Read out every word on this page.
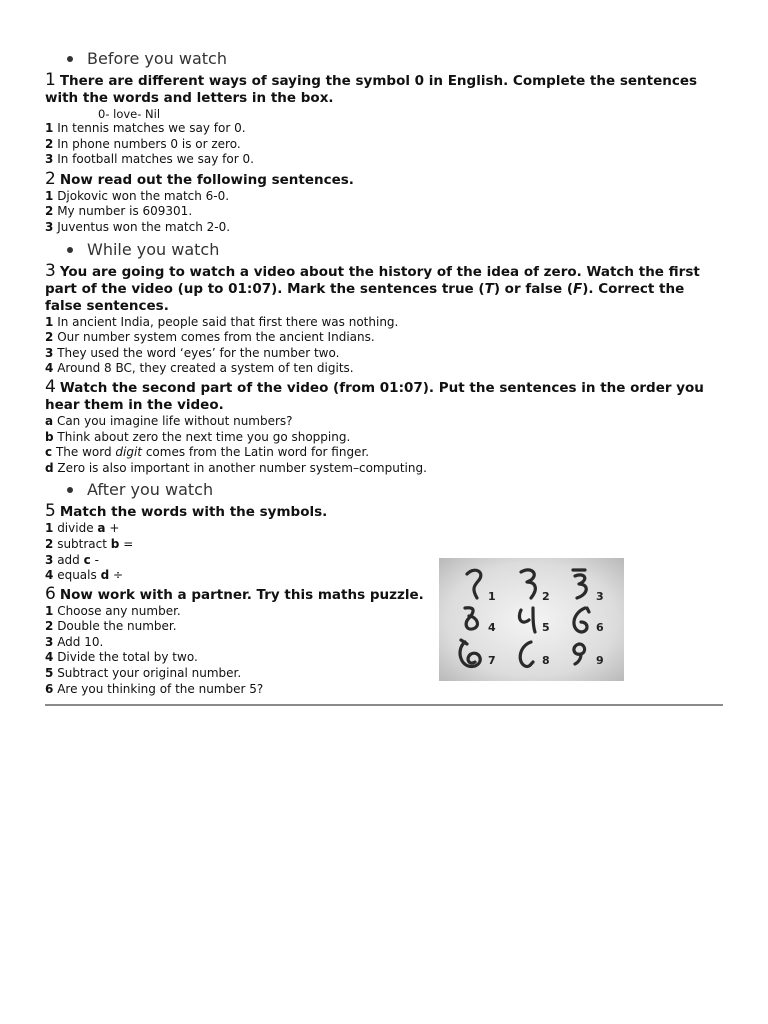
Before you watch
1 There are different ways of saying the symbol 0 in English. Complete the sentences with the words and letters in the box.
0- love- Nil
1 In tennis matches we say for 0.
2 In phone numbers 0 is or zero.
3 In football matches we say for 0.
2 Now read out the following sentences.
1 Djokovic won the match 6-0.
2 My number is 609301.
3 Juventus won the match 2-0.
While you watch
3 You are going to watch a video about the history of the idea of zero. Watch the first part of the video (up to 01:07). Mark the sentences true (T) or false (F). Correct the false sentences.
1 In ancient India, people said that first there was nothing.
2 Our number system comes from the ancient Indians.
3 They used the word ‘eyes’ for the number two.
4 Around 8 BC, they created a system of ten digits.
4 Watch the second part of the video (from 01:07). Put the sentences in the order you hear them in the video.
a Can you imagine life without numbers?
b Think about zero the next time you go shopping.
c The word digit comes from the Latin word for finger.
d Zero is also important in another number system–computing.
After you watch
5 Match the words with the symbols.
1 divide a +
2 subtract b =
3 add c -
4 equals d ÷
6 Now work with a partner. Try this maths puzzle.
1 Choose any number.
2 Double the number.
3 Add 10.
4 Divide the total by two.
5 Subtract your original number.
6 Are you thinking of the number 5?
1	2	3
4	5	6
7	8	9
